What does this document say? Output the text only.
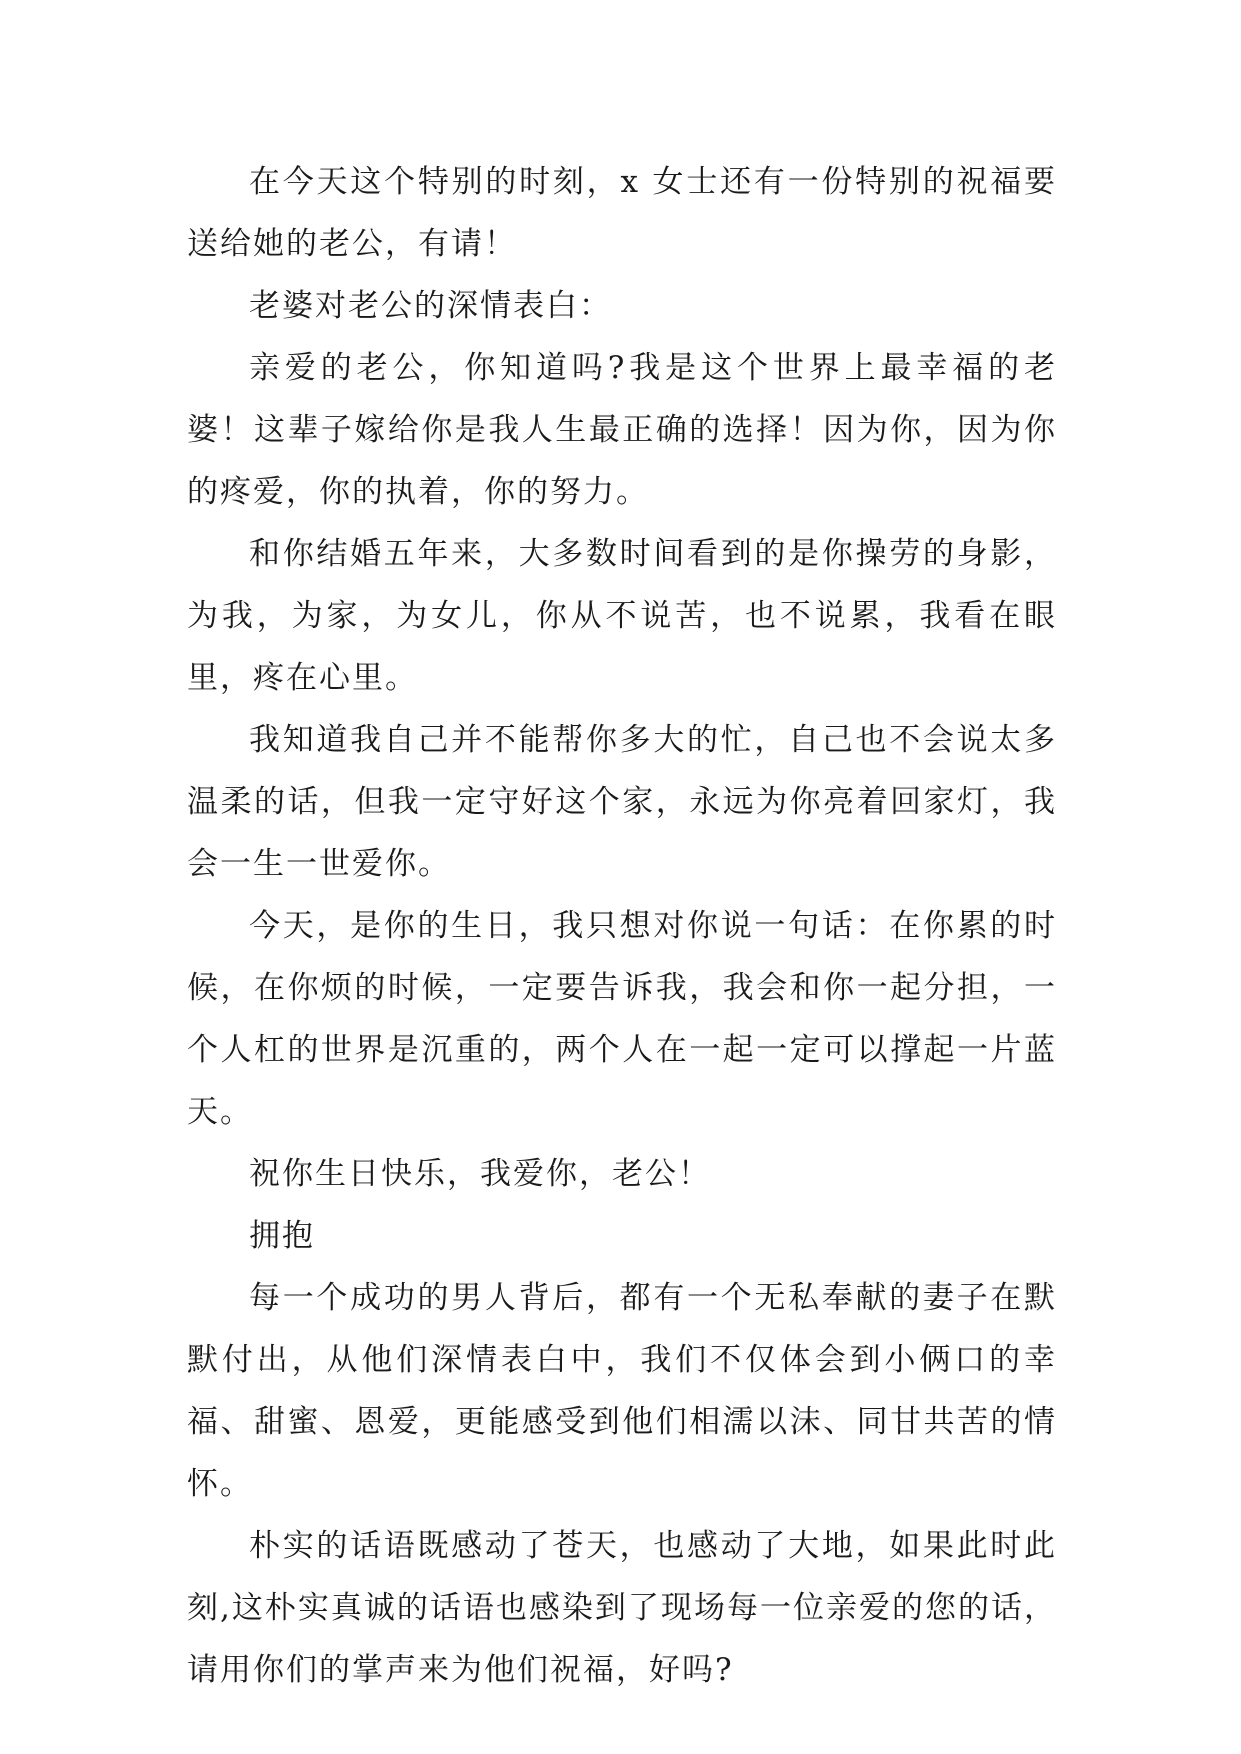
在今天这个特别的时刻，x 女士还有一份特别的祝福要送给她的老公，有请！

老婆对老公的深情表白：

亲爱的老公，你知道吗?我是这个世界上最幸福的老婆！这辈子嫁给你是我人生最正确的选择！因为你，因为你的疼爱，你的执着，你的努力。

和你结婚五年来，大多数时间看到的是你操劳的身影，为我，为家，为女儿，你从不说苦，也不说累，我看在眼里，疼在心里。

我知道我自己并不能帮你多大的忙，自己也不会说太多温柔的话，但我一定守好这个家，永远为你亮着回家灯，我会一生一世爱你。

今天，是你的生日，我只想对你说一句话：在你累的时候，在你烦的时候，一定要告诉我，我会和你一起分担，一个人杠的世界是沉重的，两个人在一起一定可以撑起一片蓝天。

祝你生日快乐，我爱你，老公！

拥抱

每一个成功的男人背后，都有一个无私奉献的妻子在默默付出，从他们深情表白中，我们不仅体会到小俩口的幸福、甜蜜、恩爱，更能感受到他们相濡以沫、同甘共苦的情怀。

朴实的话语既感动了苍天，也感动了大地，如果此时此刻,这朴实真诚的话语也感染到了现场每一位亲爱的您的话，请用你们的掌声来为他们祝福，好吗?
